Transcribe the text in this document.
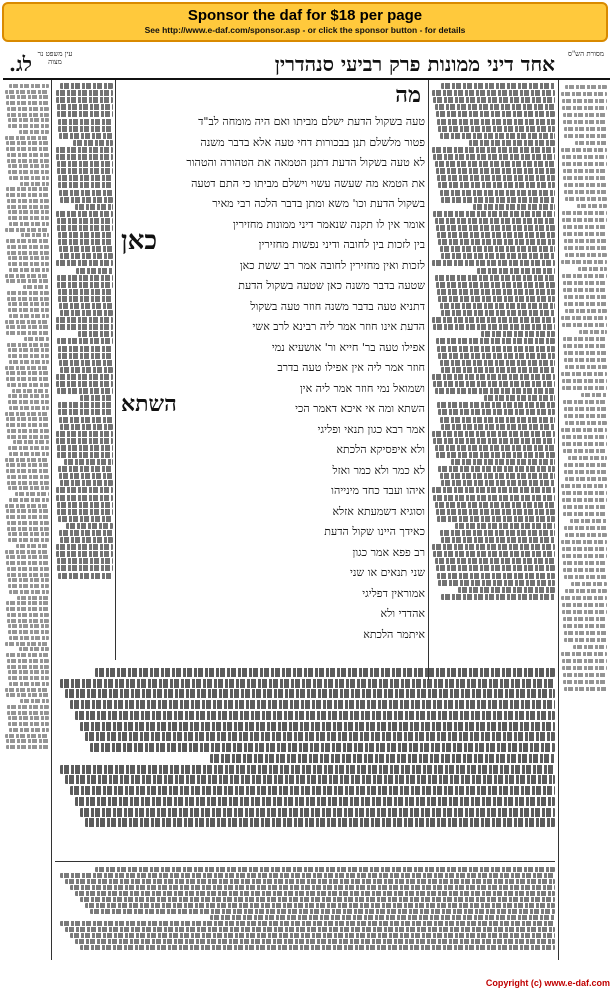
Sponsor the daf for $18 per page
See http://www.e-daf.com/sponsor.asp - or click the sponsor button - for details
מסורת הש"ס
אחד דיני ממונות פרק רביעי סנהדרין
לג. עין משפט נר מצוה
מה
טעה בשקול הדעת ישלם מביתו ואם היה מומחה לב"ד
פטור מלשלם תנן בבכורות דחי טעה אלא בדבר משנה
לא טעה בשקול הדעת דתנן הטמאה את הטהורה והטהור
את הטמא מה שעשה עשוי וישלם מביתו כי התם דטעה
בשקול הדעת וכו' משא ומתן בדבר הלכה רבי מאיר
אומר אין לו תקנה שנאמר דיני ממונות מחזירין
בין לזכות בין לחובה ודיני נפשות מחזירין
לזכות ואין מחזירין לחובה אמר רב ששת כאן
שטעה בדבר משנה כאן שטעה בשקול הדעת
דתניא טעה בדבר משנה חוזר טעה בשקול
הדעת אינו חוזר אמר ליה רבינא לרב אשי
אפילו טעה בר' חייא ור' אושעיא נמי
חוזר אמר ליה אין אפילו טעה בדרב
ושמואל נמי חוזר אמר ליה אין
השתא ומה אי איכא דאמר הכי
אמר רבא כגון תנאי ופליגי
ולא איפסיקא הלכתא
לא כמר ולא כמר ואזל
איהו ועבד כחד מינייהו
וסוגיא דשמעתא אזלא
כאידך היינו שקול הדעת
רב פפא אמר כגון
שני תנאים או שני
אמוראין דפליגי
אהדדי ולא
איתמר הלכתא
כאן
השתא
Copyright (c) www.e-daf.com
